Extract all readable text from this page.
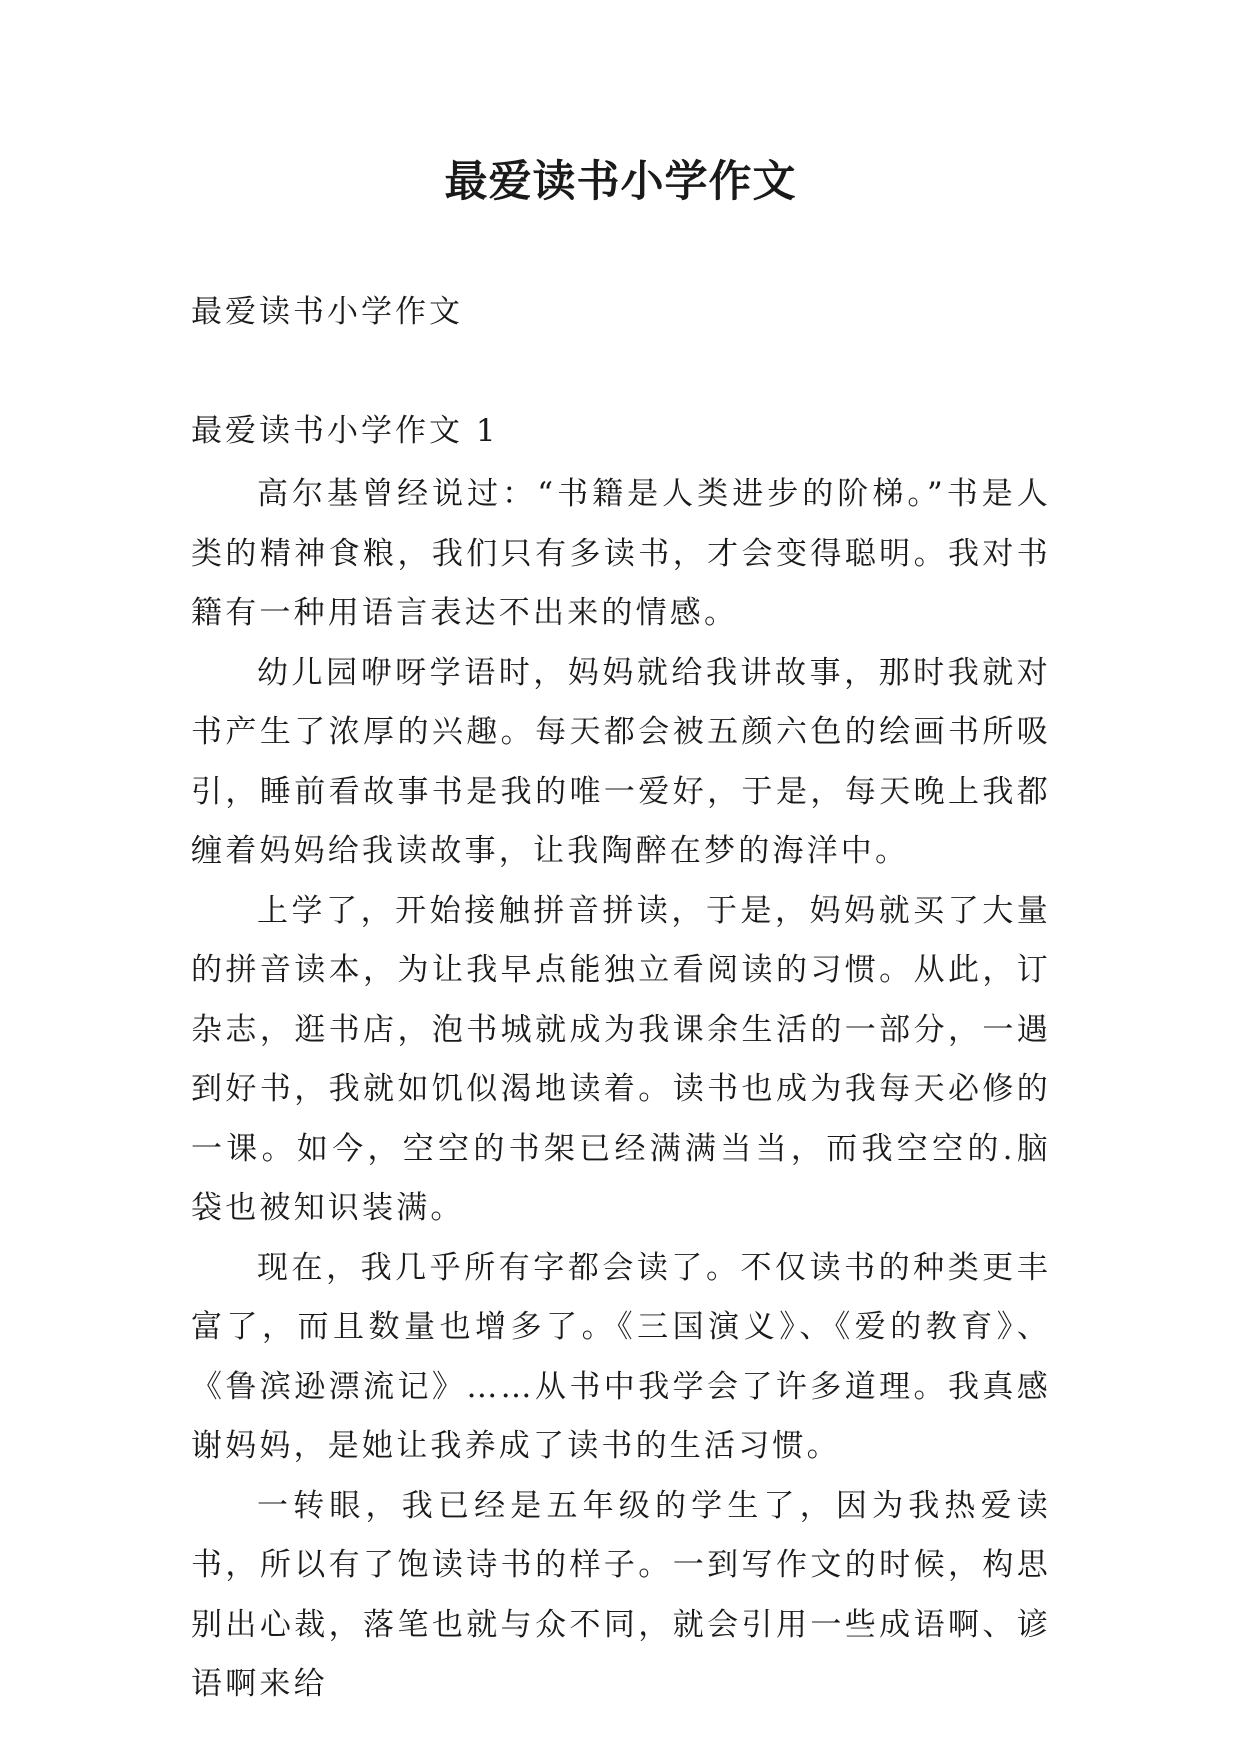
最爱读书小学作文
最爱读书小学作文
最爱读书小学作文 1

高尔基曾经说过：“书籍是人类进步的阶梯。”书是人类的精神食粮，我们只有多读书，才会变得聪明。我对书籍有一种用语言表达不出来的情感。

幼儿园咿呀学语时，妈妈就给我讲故事，那时我就对书产生了浓厚的兴趣。每天都会被五颜六色的绘画书所吸引，睡前看故事书是我的唯一爱好，于是，每天晚上我都缠着妈妈给我读故事，让我陶醉在梦的海洋中。

上学了，开始接触拼音拼读，于是，妈妈就买了大量的拼音读本，为让我早点能独立看阅读的习惯。从此，订杂志，逛书店，泡书城就成为我课余生活的一部分，一遇到好书，我就如饥似渴地读着。读书也成为我每天必修的一课。如今，空空的书架已经满满当当，而我空空的.脑袋也被知识装满。

现在，我几乎所有字都会读了。不仅读书的种类更丰富了，而且数量也增多了。《三国演义》、《爱的教育》、《鲁滨逊漂流记》……从书中我学会了许多道理。我真感谢妈妈，是她让我养成了读书的生活习惯。

一转眼，我已经是五年级的学生了，因为我热爱读书，所以有了饱读诗书的样子。一到写作文的时候，构思别出心裁，落笔也就与众不同，就会引用一些成语啊、谚语啊来给
